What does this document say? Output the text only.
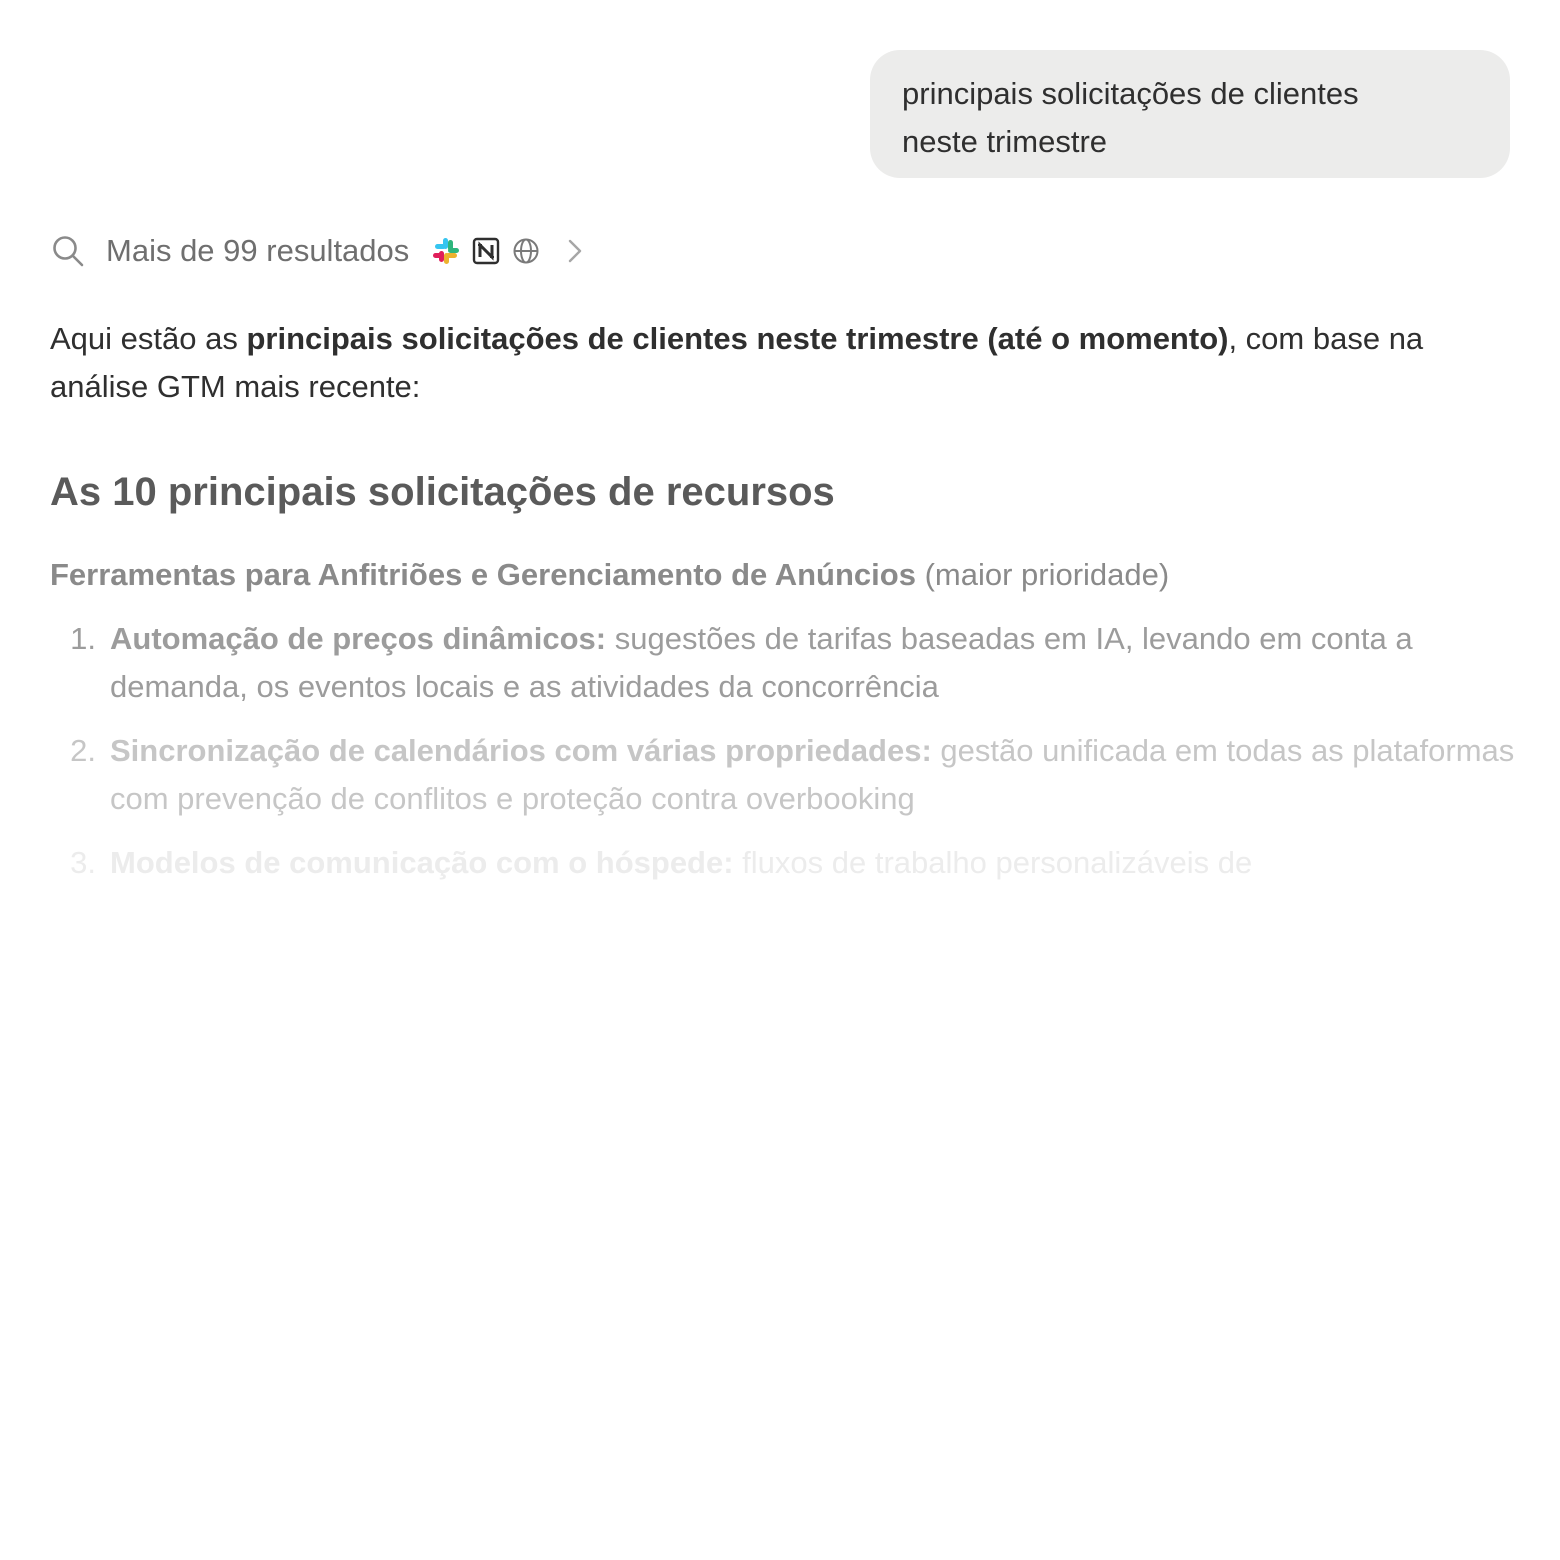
principais solicitações de clientes
neste trimestre
Mais de 99 resultados
Aqui estão as principais solicitações de clientes neste trimestre (até o momento), com base na análise GTM mais recente:
As 10 principais solicitações de recursos
Ferramentas para Anfitriões e Gerenciamento de Anúncios (maior prioridade)
1. Automação de preços dinâmicos: sugestões de tarifas baseadas em IA, levando em conta a demanda, os eventos locais e as atividades da concorrência
2. Sincronização de calendários com várias propriedades: gestão unificada em todas as plataformas com prevenção de conflitos e proteção contra overbooking
3. Modelos de comunicação com o hóspede: fluxos de trabalho personalizáveis de
